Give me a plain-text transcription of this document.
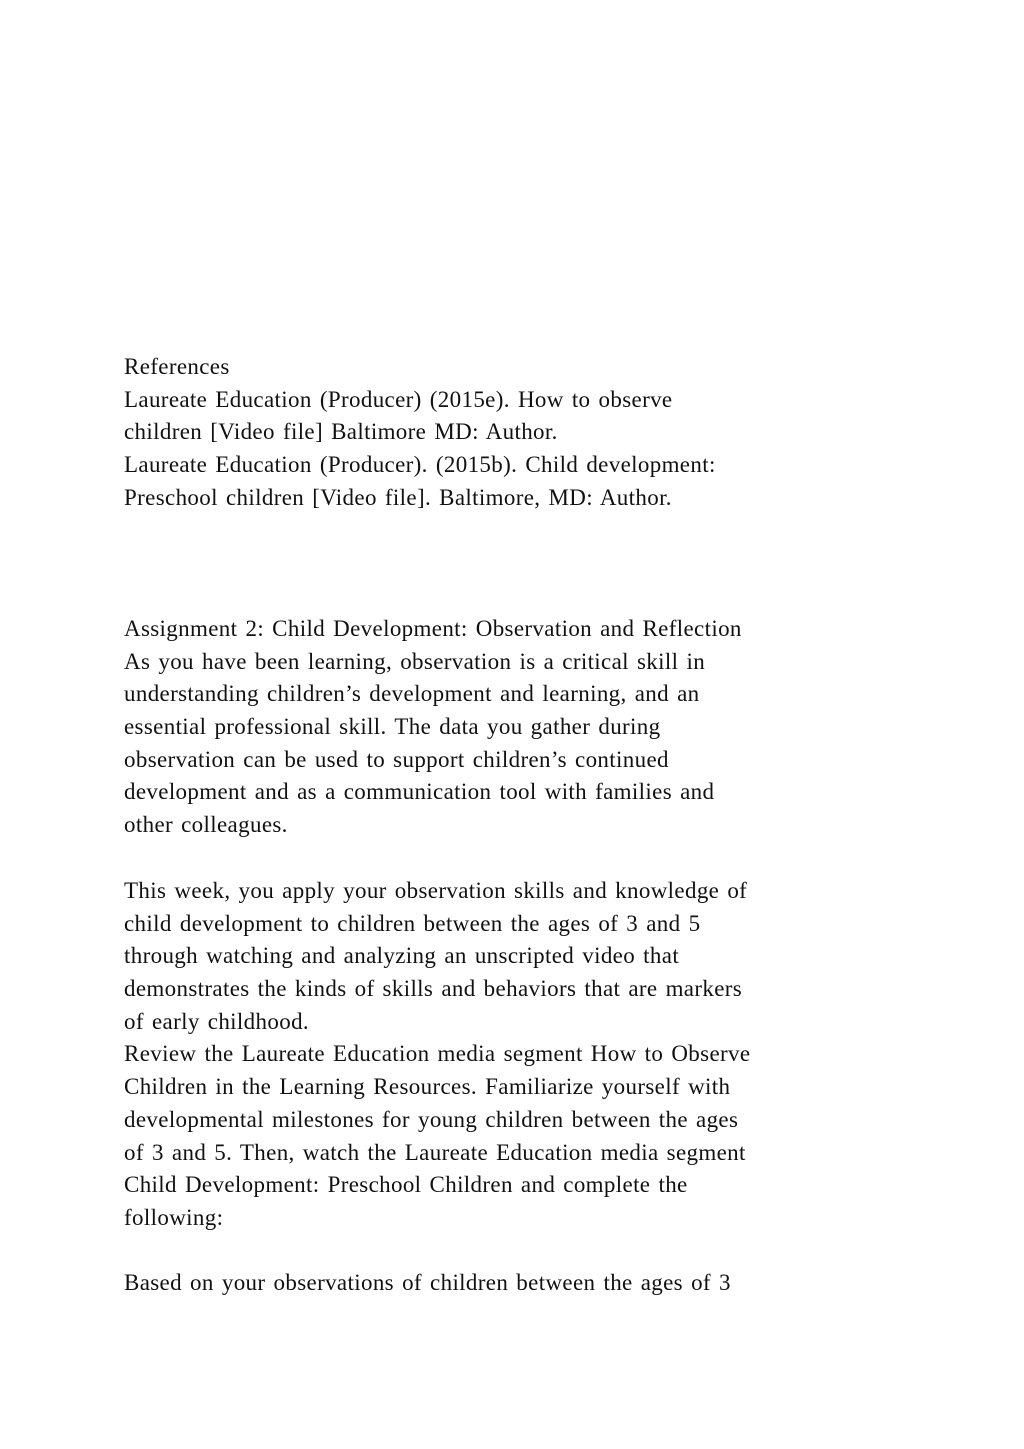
References
Laureate Education (Producer) (2015e). How to observe
children [Video file] Baltimore MD: Author.
Laureate Education (Producer). (2015b). Child development:
Preschool children [Video file]. Baltimore, MD: Author.
Assignment 2: Child Development: Observation and Reflection
As you have been learning, observation is a critical skill in
understanding children’s development and learning, and an
essential professional skill. The data you gather during
observation can be used to support children’s continued
development and as a communication tool with families and
other colleagues.
This week, you apply your observation skills and knowledge of
child development to children between the ages of 3 and 5
through watching and analyzing an unscripted video that
demonstrates the kinds of skills and behaviors that are markers
of early childhood.
Review the Laureate Education media segment How to Observe
Children in the Learning Resources. Familiarize yourself with
developmental milestones for young children between the ages
of 3 and 5. Then, watch the Laureate Education media segment
Child Development: Preschool Children and complete the
following:
Based on your observations of children between the ages of 3
